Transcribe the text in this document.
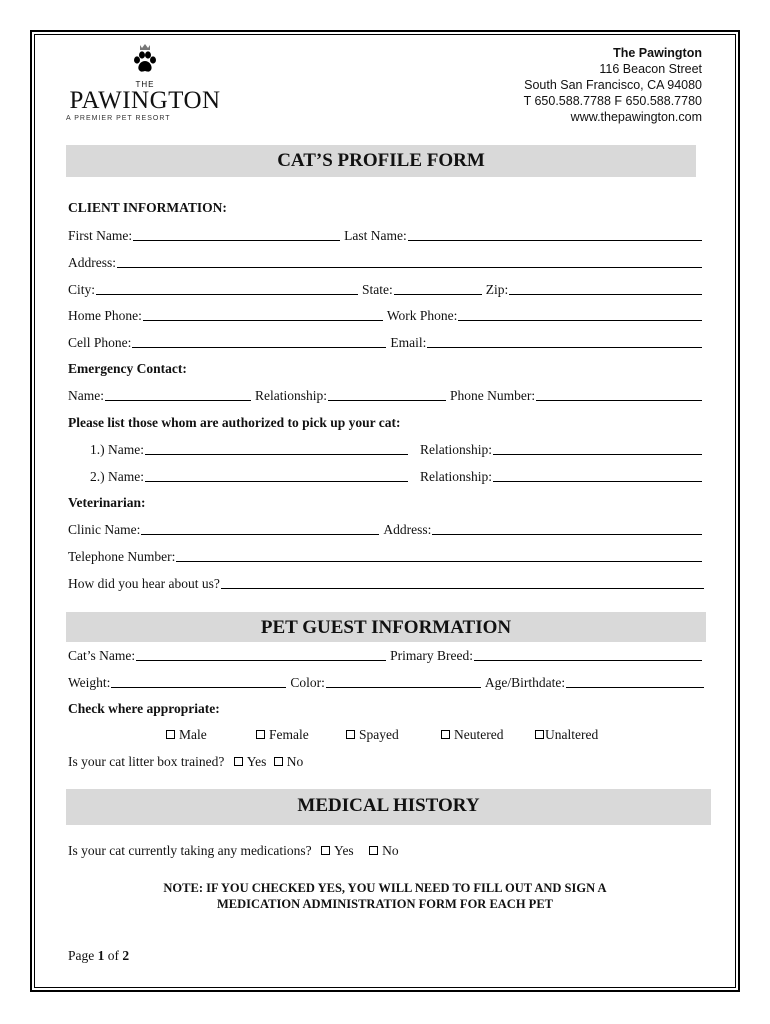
THE
PAWINGTON
A PREMIER PET RESORT
The Pawington
116 Beacon Street
South San Francisco, CA 94080
T 650.588.7788 F 650.588.7780
www.thepawington.com
CAT’S PROFILE FORM
CLIENT INFORMATION:
First Name:	Last Name:
Address:
City:	State:	Zip:
Home Phone:	Work Phone:
Cell Phone:	Email:
Emergency Contact:
Name:	Relationship:	Phone Number:
Please list those whom are authorized to pick up your cat:
1.) Name:	Relationship:
2.) Name:	Relationship:
Veterinarian:
Clinic Name:	Address:
Telephone Number:
How did you hear about us?
PET GUEST INFORMATION
Cat’s Name:	Primary Breed:
Weight:	Color:	Age/Birthdate:
Check where appropriate:
Male	Female	Spayed	Neutered	Unaltered
Is your cat litter box trained? Yes No
MEDICAL HISTORY
Is your cat currently taking any medications? Yes No
NOTE: IF YOU CHECKED YES, YOU WILL NEED TO FILL OUT AND SIGN A
MEDICATION ADMINISTRATION FORM FOR EACH PET
Page 1 of 2
